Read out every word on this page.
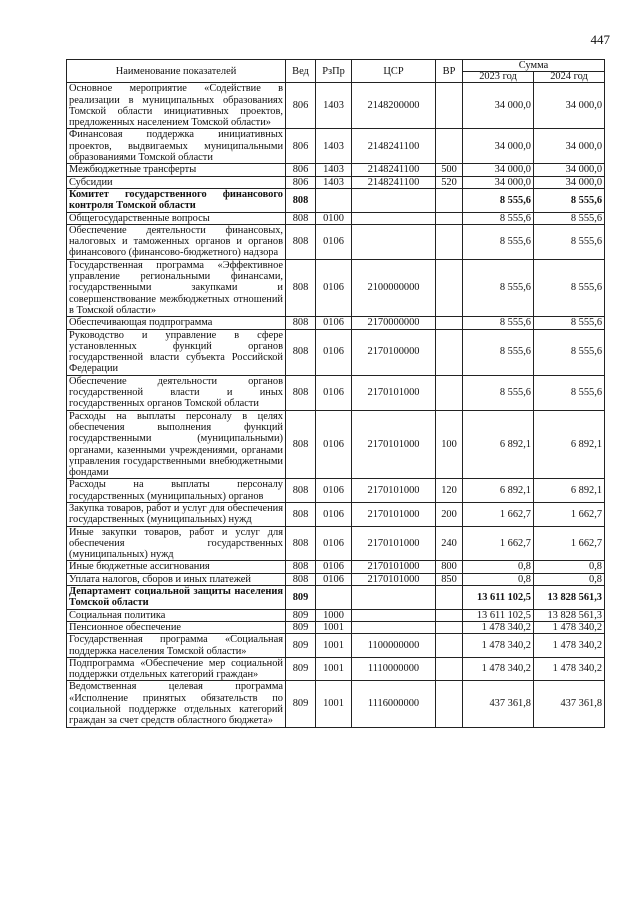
447
Наименование показателей	Вед	РзПр	ЦСР	ВР	Сумма	
					2023 год	2024 год
Основное мероприятие «Содействие в реализации в муниципальных образованиях Томской области инициативных проектов, предложенных населением Томской области»	806	1403	2148200000		34 000,0	34 000,0
Финансовая поддержка инициативных проектов, выдвигаемых муниципальными образованиями Томской области	806	1403	2148241100		34 000,0	34 000,0
Межбюджетные трансферты	806	1403	2148241100	500	34 000,0	34 000,0
Субсидии	806	1403	2148241100	520	34 000,0	34 000,0
Комитет государственного финансового контроля Томской области	808				8 555,6	8 555,6
Общегосударственные вопросы	808	0100			8 555,6	8 555,6
Обеспечение деятельности финансовых, налоговых и таможенных органов и органов финансового (финансово-бюджетного) надзора	808	0106			8 555,6	8 555,6
Государственная программа «Эффективное управление региональными финансами, государственными закупками и совершенствование межбюджетных отношений в Томской области»	808	0106	2100000000		8 555,6	8 555,6
Обеспечивающая подпрограмма	808	0106	2170000000		8 555,6	8 555,6
Руководство и управление в сфере установленных функций органов государственной власти субъекта Российской Федерации	808	0106	2170100000		8 555,6	8 555,6
Обеспечение деятельности органов государственной власти и иных государственных органов Томской области	808	0106	2170101000		8 555,6	8 555,6
Расходы на выплаты персоналу в целях обеспечения выполнения функций государственными (муниципальными) органами, казенными учреждениями, органами управления государственными внебюджетными фондами	808	0106	2170101000	100	6 892,1	6 892,1
Расходы на выплаты персоналу государственных (муниципальных) органов	808	0106	2170101000	120	6 892,1	6 892,1
Закупка товаров, работ и услуг для обеспечения государственных (муниципальных) нужд	808	0106	2170101000	200	1 662,7	1 662,7
Иные закупки товаров, работ и услуг для обеспечения государственных (муниципальных) нужд	808	0106	2170101000	240	1 662,7	1 662,7
Иные бюджетные ассигнования	808	0106	2170101000	800	0,8	0,8
Уплата налогов, сборов и иных платежей	808	0106	2170101000	850	0,8	0,8
Департамент социальной защиты населения Томской области	809				13 611 102,5	13 828 561,3
Социальная политика	809	1000			13 611 102,5	13 828 561,3
Пенсионное обеспечение	809	1001			1 478 340,2	1 478 340,2
Государственная программа «Социальная поддержка населения Томской области»	809	1001	1100000000		1 478 340,2	1 478 340,2
Подпрограмма «Обеспечение мер социальной поддержки отдельных категорий граждан»	809	1001	1110000000		1 478 340,2	1 478 340,2
Ведомственная целевая программа «Исполнение принятых обязательств по социальной поддержке отдельных категорий граждан за счет средств областного бюджета»	809	1001	1116000000		437 361,8	437 361,8
